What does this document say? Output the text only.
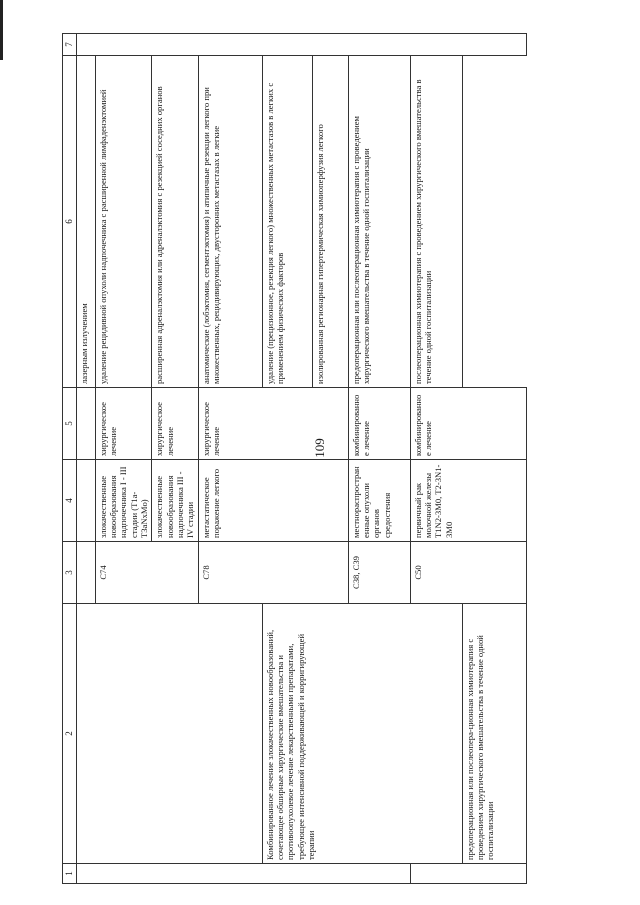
109
1	2	3	4	5	6	7
					лазерным излучением	
		C74	злокачественные новообразования надпочечника I - III стадии (T1a-T3aNxMo)	хирургическое лечение	удаление рецидивной опухоли надпочечника с расширенной лимфаденэктомией	
			злокачественные новообразования надпочечника III - IV стадии	хирургическое лечение	расширенная адреналэктомия или адреналэктомия с резекцией соседних органов	
		C78	метастатическое поражение легкого	хирургическое лечение	анатомические (лобэктомия, сегментэктомия) и атипичные резекции легкого при множественных, рецидивирующих, двусторонних метастазах в легкие	
	Комбинированное лечение злокачественных новообразований, сочетающее обширные хирургические вмешательства и противоопухолевое лечение лекарственными препаратами, требующее интенсивной поддерживающей и корригирующей терапии				удаление (прецизионное, резекция легкого) множественных метастазов в легких с применением физических факторов	
					изолированная регионарная гипертермическая химиоперфузия легкого	
		C38, C39	местнораспространенные опухоли органов средостения	комбинированное лечение	предоперационная или послеоперационная химиотерапия с проведением хирургического вмешательства в течение одной госпитализации	
		C50	первичный рак молочной железы T1N2-3M0, T2-3N1-3M0	комбинированное лечение	послеоперационная химиотерапия с проведением хирургического вмешательства в течение одной госпитализации	
	предоперационная или послеопера-ционная химиотерапия с проведением хирургического вмешательства в течение одной госпитализации					
